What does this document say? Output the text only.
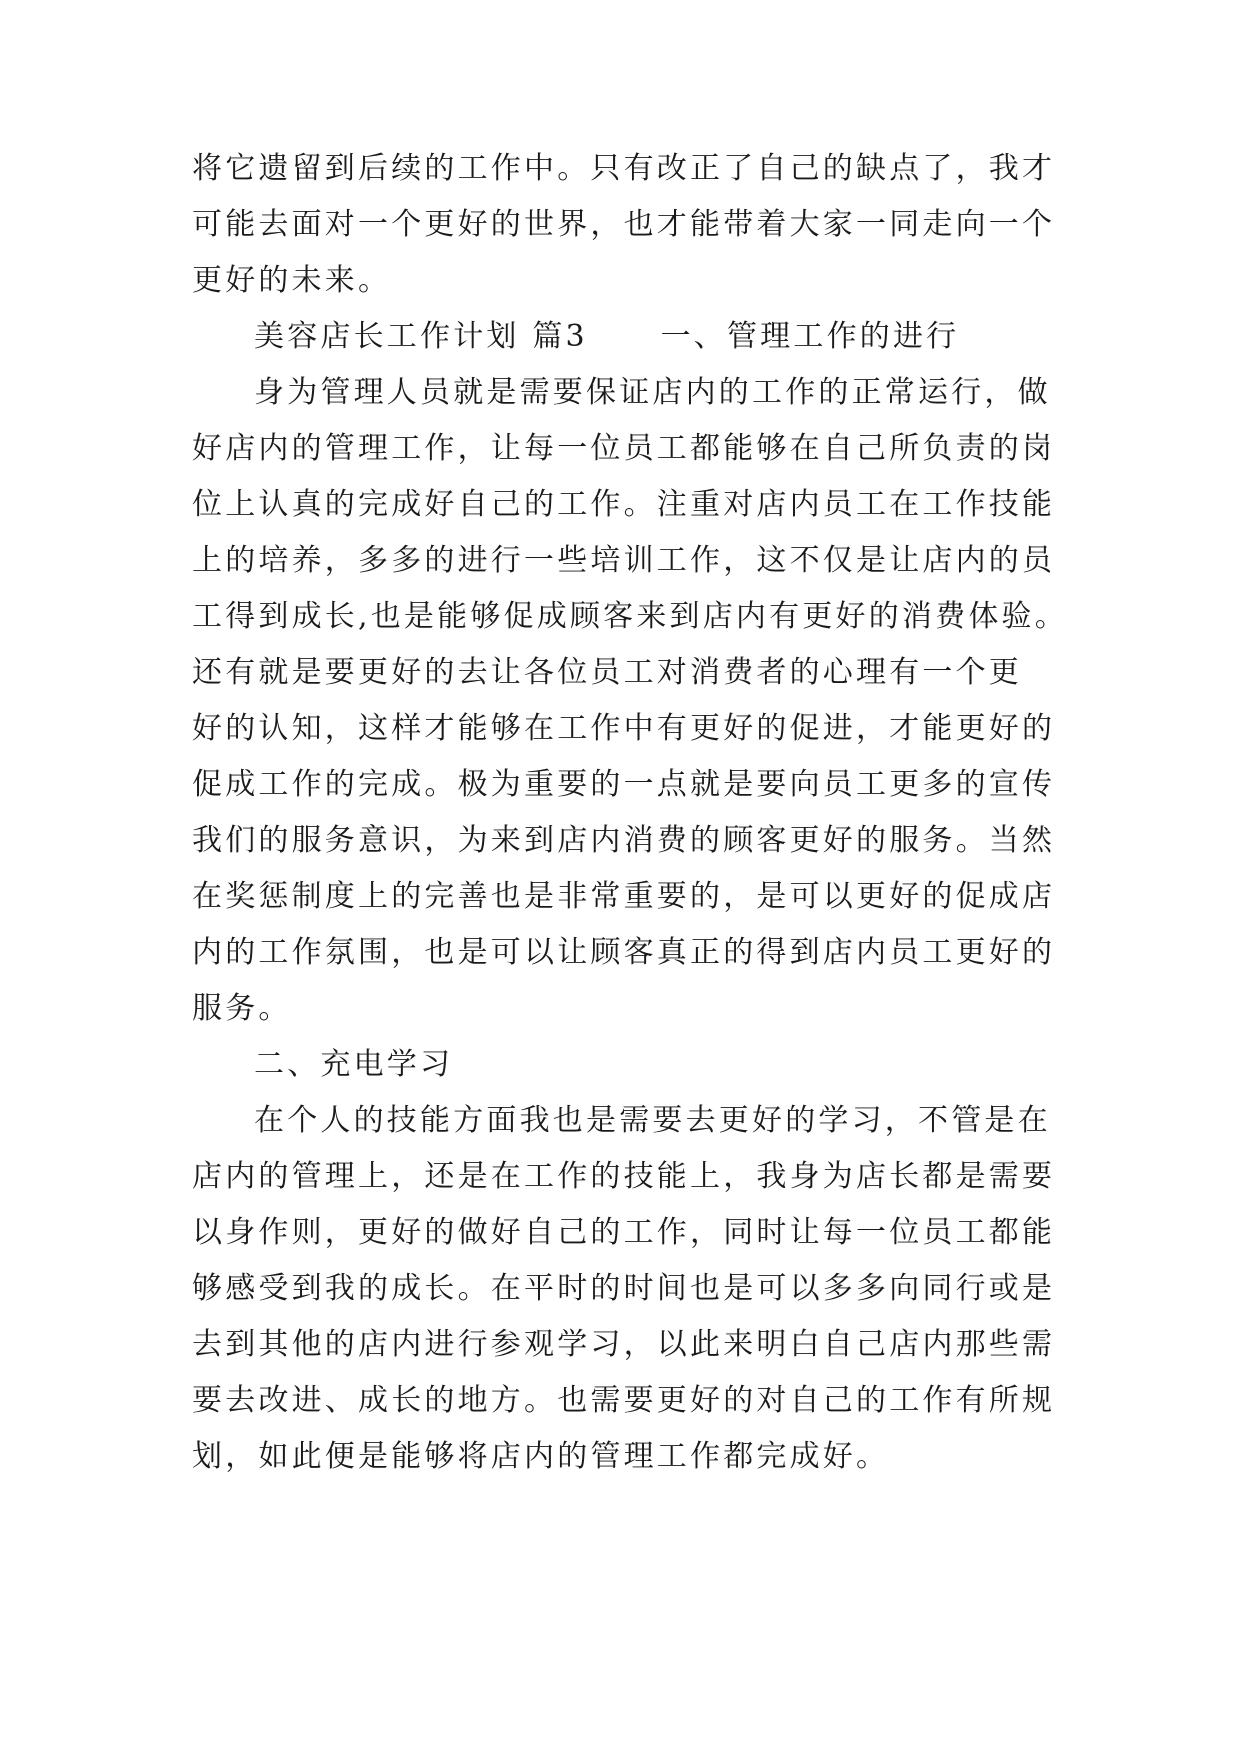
将它遗留到后续的工作中。只有改正了自己的缺点了，我才
可能去面对一个更好的世界，也才能带着大家一同走向一个
更好的未来。
美容店长工作计划 篇3 一、管理工作的进行
身为管理人员就是需要保证店内的工作的正常运行，做
好店内的管理工作，让每一位员工都能够在自己所负责的岗
位上认真的完成好自己的工作。注重对店内员工在工作技能
上的培养，多多的进行一些培训工作，这不仅是让店内的员
工得到成长,也是能够促成顾客来到店内有更好的消费体验。
还有就是要更好的去让各位员工对消费者的心理有一个更
好的认知，这样才能够在工作中有更好的促进，才能更好的
促成工作的完成。极为重要的一点就是要向员工更多的宣传
我们的服务意识，为来到店内消费的顾客更好的服务。当然
在奖惩制度上的完善也是非常重要的，是可以更好的促成店
内的工作氛围，也是可以让顾客真正的得到店内员工更好的
服务。
二、充电学习
在个人的技能方面我也是需要去更好的学习，不管是在
店内的管理上，还是在工作的技能上，我身为店长都是需要
以身作则，更好的做好自己的工作，同时让每一位员工都能
够感受到我的成长。在平时的时间也是可以多多向同行或是
去到其他的店内进行参观学习，以此来明白自己店内那些需
要去改进、成长的地方。也需要更好的对自己的工作有所规
划，如此便是能够将店内的管理工作都完成好。
